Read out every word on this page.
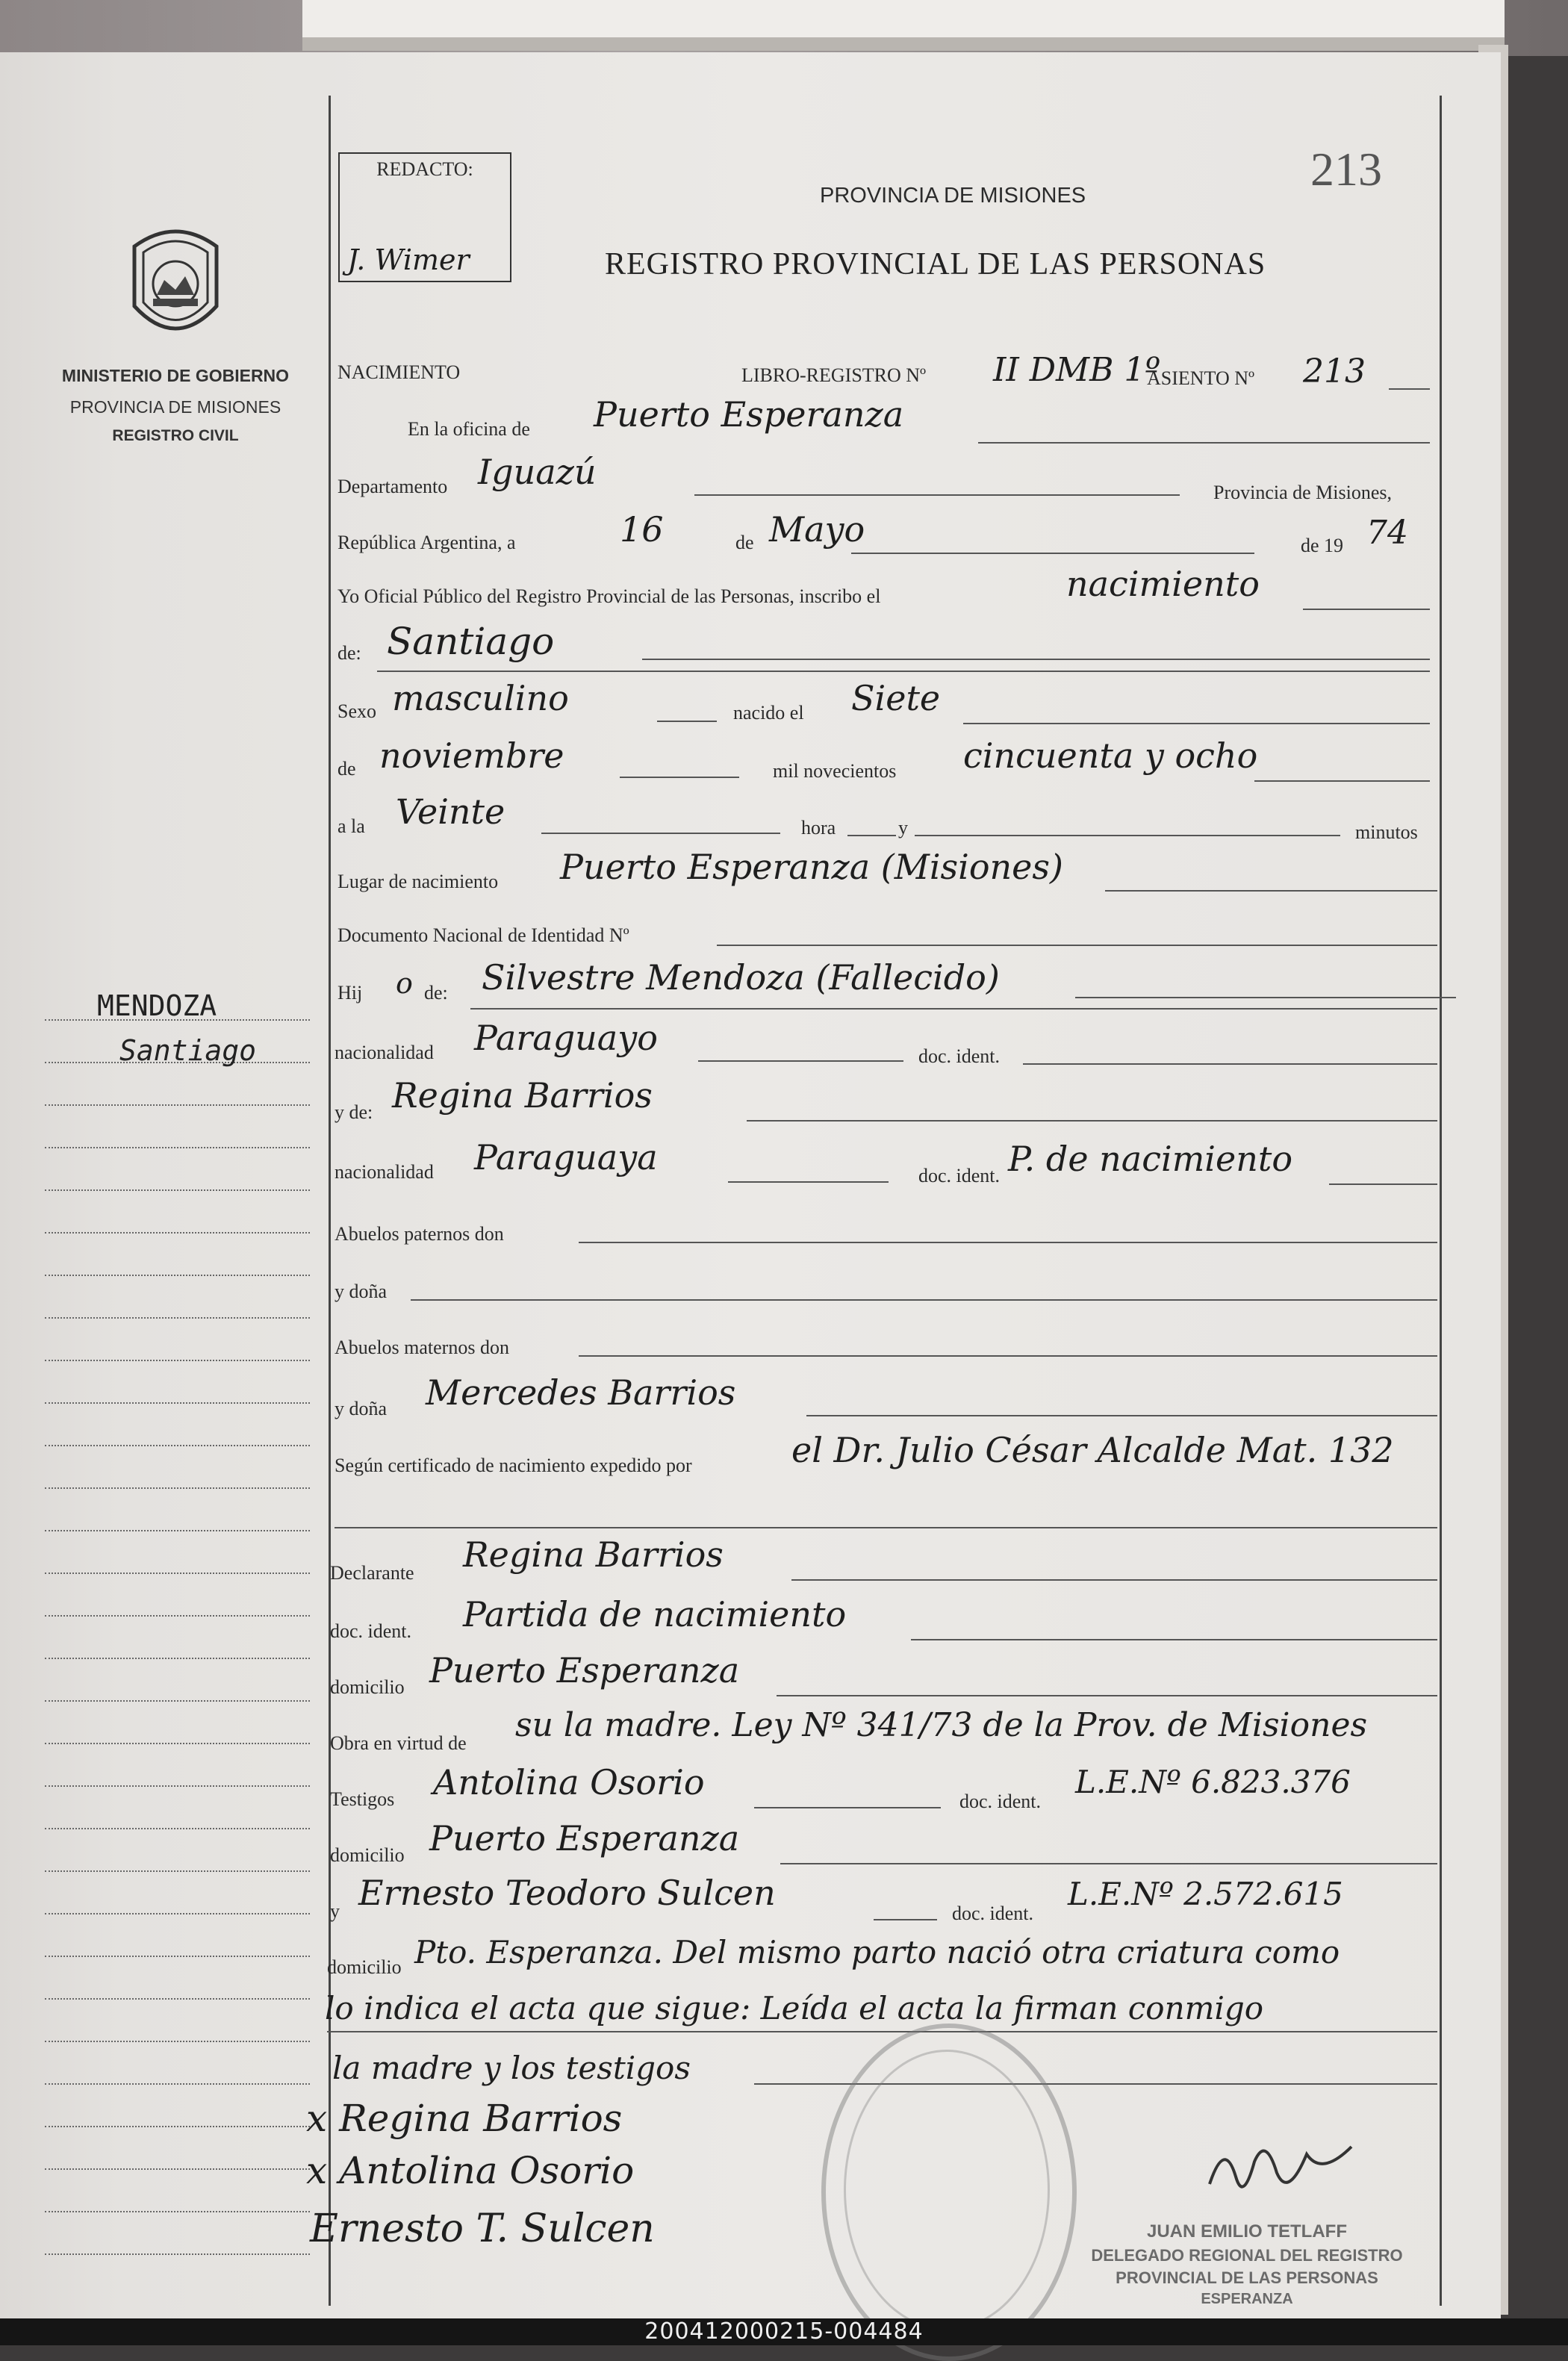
MINISTERIO DE GOBIERNO
PROVINCIA DE MISIONES
REGISTRO CIVIL
MENDOZA
Santiago
REDACTO:
J. Wimer
213
PROVINCIA DE MISIONES
REGISTRO PROVINCIAL DE LAS PERSONAS
NACIMIENTO	LIBRO-REGISTRO Nº II DMB 1º
ASIENTO Nº 213
En la oficina de Puerto Esperanza
Departamento Iguazú
Provincia de Misiones,
República Argentina, a	16	de Mayo	de 19 74
Yo Oficial Público del Registro Provincial de las Personas, inscribo el	nacimiento
de: Santiago
Sexo masculino	nacido el Siete
de noviembre	mil novecientos cincuenta y ocho
a la Veinte	hora	y	minutos
Lugar de nacimiento Puerto Esperanza (Misiones)
Documento Nacional de Identidad Nº
Hij o de: Silvestre Mendoza (Fallecido)
nacionalidad Paraguayo	doc. ident.
y de: Regina Barrios
nacionalidad Paraguaya	doc. ident. P. de nacimiento
Abuelos paternos don
y doña
Abuelos maternos don
y doña Mercedes Barrios
Según certificado de nacimiento expedido por	el Dr. Julio César Alcalde Mat. 132
Declarante Regina Barrios
doc. ident. Partida de nacimiento
domicilio Puerto Esperanza
Obra en virtud de su la madre. Ley Nº 341/73 de la Prov. de Misiones
Testigos Antolina Osorio	doc. ident.
L.E.Nº 6.823.376
domicilio Puerto Esperanza
y Ernesto Teodoro Sulcen
doc. ident.
L.E.Nº 2.572.615
domicilio Pto. Esperanza. Del mismo parto nació otra criatura como
lo indica el acta que sigue: Leída el acta la firman conmigo
la madre y los testigos
x Regina Barrios
x Antolina Osorio
Ernesto T. Sulcen	JUAN EMILIO TETLAFF
DELEGADO REGIONAL DEL REGISTRO
PROVINCIAL DE LAS PERSONAS
ESPERANZA
200412000215-004484
